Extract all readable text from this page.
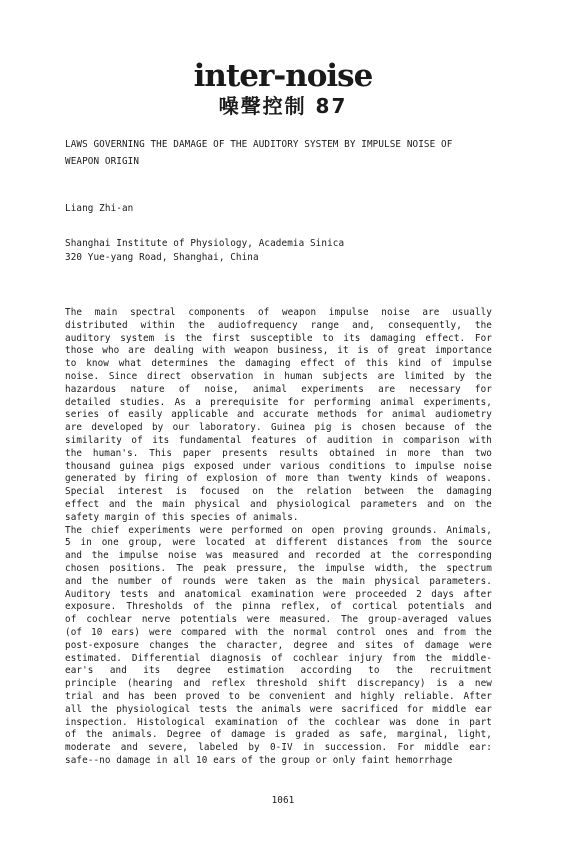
inter-noise
噪聲控制 87
LAWS GOVERNING THE DAMAGE OF THE AUDITORY SYSTEM BY IMPULSE NOISE OF
WEAPON ORIGIN
Liang Zhi-an
Shanghai Institute of Physiology, Academia Sinica
320 Yue-yang Road, Shanghai, China
The main spectral components of weapon impulse noise are usually
distributed within the audiofrequency range and, consequently, the
auditory system is the first susceptible to its damaging effect. For
those who are dealing with weapon business, it is of great importance
to know what determines the damaging effect of this kind of impulse
noise. Since direct observation in human subjects are limited by the
hazardous nature of noise, animal experiments are necessary for
detailed studies. As a prerequisite for performing animal experiments,
series of easily applicable and accurate methods for animal audiometry
are developed by our laboratory. Guinea pig is chosen because of the
similarity of its fundamental features of audition in comparison with
the human's. This paper presents results obtained in more than two
thousand guinea pigs exposed under various conditions to impulse noise
generated by firing of explosion of more than twenty kinds of weapons.
Special interest is focused on the relation between the damaging
effect and the main physical and physiological parameters and on the
safety margin of this species of animals.
The chief experiments were performed on open proving grounds. Animals,
5 in one group, were located at different distances from the source
and the impulse noise was measured and recorded at the corresponding
chosen positions. The peak pressure, the impulse width, the spectrum
and the number of rounds were taken as the main physical parameters.
Auditory tests and anatomical examination were proceeded 2 days after
exposure. Thresholds of the pinna reflex, of cortical potentials and
of cochlear nerve potentials were measured. The group-averaged values
(of 10 ears) were compared with the normal control ones and from the
post-exposure changes the character, degree and sites of damage were
estimated. Differential diagnosis of cochlear injury from the middle-
ear's and its degree estimation according to the recruitment
principle (hearing and reflex threshold shift discrepancy) is a new
trial and has been proved to be convenient and highly reliable. After
all the physiological tests the animals were sacrificed for middle ear
inspection. Histological examination of the cochlear was done in part
of the animals. Degree of damage is graded as safe, marginal, light,
moderate and severe, labeled by 0-IV in succession. For middle ear:
safe--no damage in all 10 ears of the group or only faint hemorrhage
1061
